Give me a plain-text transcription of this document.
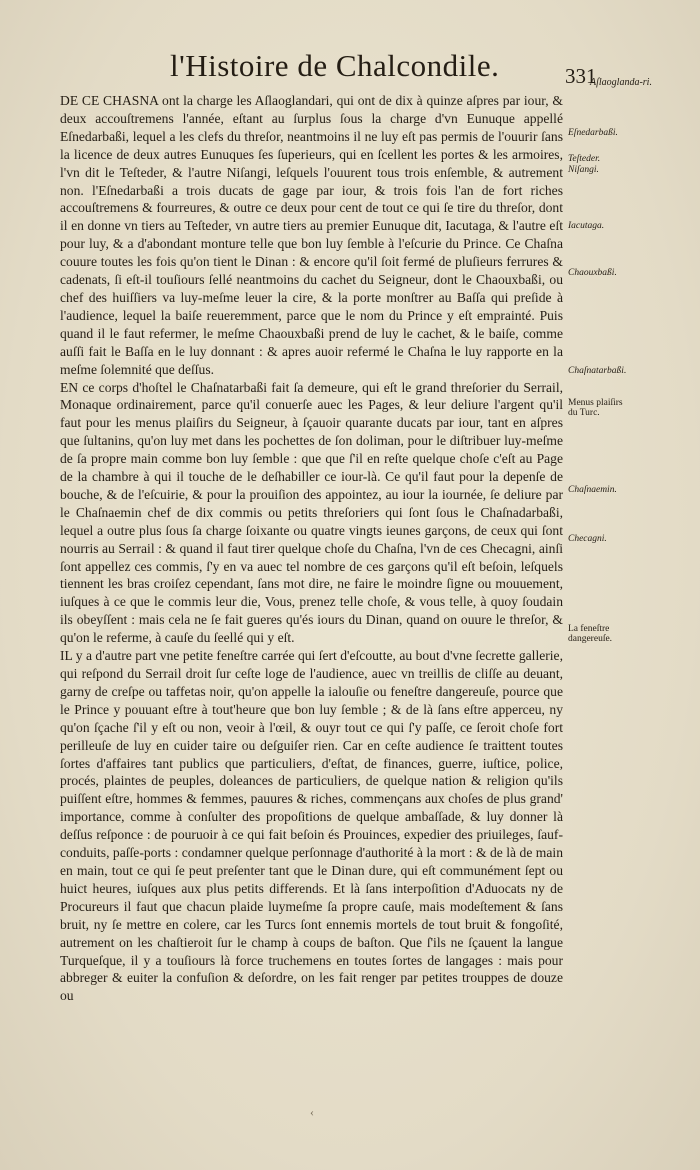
l'Histoire de Chalcondile.	331
Aſlaoglanda-ri.

DE CE CHASNA ont la charge les Aſlaoglandari, qui ont de dix à quinze aſpres par iour, & deux accouſtremens l'année, eſtant au ſurplus ſous la charge d'vn Eunuque appellé Eſnedarbaßi, lequel a les clefs du threſor, neantmoins il ne luy eſt pas permis de l'ouurir ſans la licence de deux autres Eunuques ſes ſuperieurs, qui en ſcellent les portes & les armoires, l'vn dit le Teſteder, & l'autre Niſangi, leſquels l'ouurent tous trois enſemble, & autrement non. l'Eſnedarbaßi a trois ducats de gage par iour, & trois fois l'an de fort riches accouſtremens & fourreures, & outre ce deux pour cent de tout ce qui ſe tire du threſor, dont il en donne vn tiers au Teſteder, vn autre tiers au premier Eunuque dit, Iacutaga, & l'autre eſt pour luy, & a d'abondant monture telle que bon luy ſemble à l'eſcurie du Prince. Ce Chaſna couure toutes les fois qu'on tient le Dinan : & encore qu'il ſoit fermé de pluſieurs ferrures & cadenats, ſi eſt-il touſiours ſellé neantmoins du cachet du Seigneur, dont le Chaouxbaßi, ou chef des huiſſiers va luy-meſme leuer la cire, & la porte monſtrer au Baſſa qui preſide à l'audience, lequel la baiſe reueremment, parce que le nom du Prince y eſt emprainté. Puis quand il le faut refermer, le meſme Chaouxbaßi prend de luy le cachet, & le baiſe, comme auſſi fait le Baſſa en le luy donnant : & apres auoir refermé le Chaſna le luy rapporte en la meſme ſolemnité que deſſus.

EN ce corps d'hoſtel le Chaſnatarbaßi fait ſa demeure, qui eſt le grand threſorier du Serrail, Monaque ordinairement, parce qu'il conuerſe auec les Pages, & leur deliure l'argent qu'il faut pour les menus plaiſirs du Seigneur, à ſçauoir quarante ducats par iour, tant en aſpres que ſultanins, qu'on luy met dans les pochettes de ſon doliman, pour le diſtribuer luy-meſme de ſa propre main comme bon luy ſemble : que que ſ'il en reſte quelque choſe c'eſt au Page de la chambre à qui il touche de le deſhabiller ce iour-là. Ce qu'il faut pour la depenſe de bouche, & de l'eſcuirie, & pour la prouiſion des appointez, au iour la iournée, ſe deliure par le Chaſnaemin chef de dix commis ou petits threſoriers qui ſont ſous le Chaſnadarbaßi, lequel a outre plus ſous ſa charge ſoixante ou quatre vingts ieunes garçons, de ceux qui ſont nourris au Serrail : & quand il faut tirer quelque choſe du Chaſna, l'vn de ces Checagni, ainſi ſont appellez ces commis, ſ'y en va auec tel nombre de ces garçons qu'il eſt beſoin, leſquels tiennent les bras croiſez cependant, ſans mot dire, ne faire le moindre ſigne ou mouuement, iuſques à ce que le commis leur die, Vous, prenez telle choſe, & vous telle, à quoy ſoudain ils obeyſſent : mais cela ne ſe fait gueres qu'és iours du Dinan, quand on ouure le threſor, & qu'on le referme, à cauſe du ſeellé qui y eſt.

IL y a d'autre part vne petite feneſtre carrée qui ſert d'eſcoutte, au bout d'vne ſecrette gallerie, qui reſpond du Serrail droit ſur ceſte loge de l'audience, auec vn treillis de cliſſe au deuant, garny de creſpe ou taffetas noir, qu'on appelle la ialouſie ou feneſtre dangereuſe, pource que le Prince y pouuant eſtre à tout'heure que bon luy ſemble ; & de là ſans eſtre apperceu, ny qu'on ſçache ſ'il y eſt ou non, veoir à l'œil, & ouyr tout ce qui ſ'y paſſe, ce ſeroit choſe fort perilleuſe de luy en cuider taire ou deſguiſer rien. Car en ceſte audience ſe traittent toutes ſortes d'affaires tant publics que particuliers, d'eſtat, de finances, guerre, iuſtice, police, procés, plaintes de peuples, doleances de particuliers, de quelque nation & religion qu'ils puiſſent eſtre, hommes & femmes, pauures & riches, commençans aux choſes de plus grand' importance, comme à conſulter des propoſitions de quelque ambaſſade, & luy donner là deſſus reſponce : de pouruoir à ce qui fait beſoin és Prouinces, expedier des priuileges, ſauf-conduits, paſſe-ports : condamner quelque perſonnage d'authorité à la mort : & de là de main en main, tout ce qui ſe peut preſenter tant que le Dinan dure, qui eſt communément ſept ou huict heures, iuſques aux plus petits differends. Et là ſans interpoſition d'Aduocats ny de Procureurs il faut que chacun plaide luymeſme ſa propre cauſe, mais modeſtement & ſans bruit, ny ſe mettre en colere, car les Turcs ſont ennemis mortels de tout bruit & fongoſité, autrement on les chaſtieroit ſur le champ à coups de baſton. Que ſ'ils ne ſçauent la langue Turqueſque, il y a touſiours là force truchemens en toutes ſortes de langages : mais pour abbreger & euiter la confuſion & deſordre, on les fait renger par petites trouppes de douze ou

Eſnedarbaßi.
Teſteder.
Niſangi.
Iacutaga.
Chaouxbaßi.
Chaſnatarbaßi.
Menus plaiſirs du Turc.
Chaſnaemin.
Checagni.
La feneſtre dangereuſe.
‹
